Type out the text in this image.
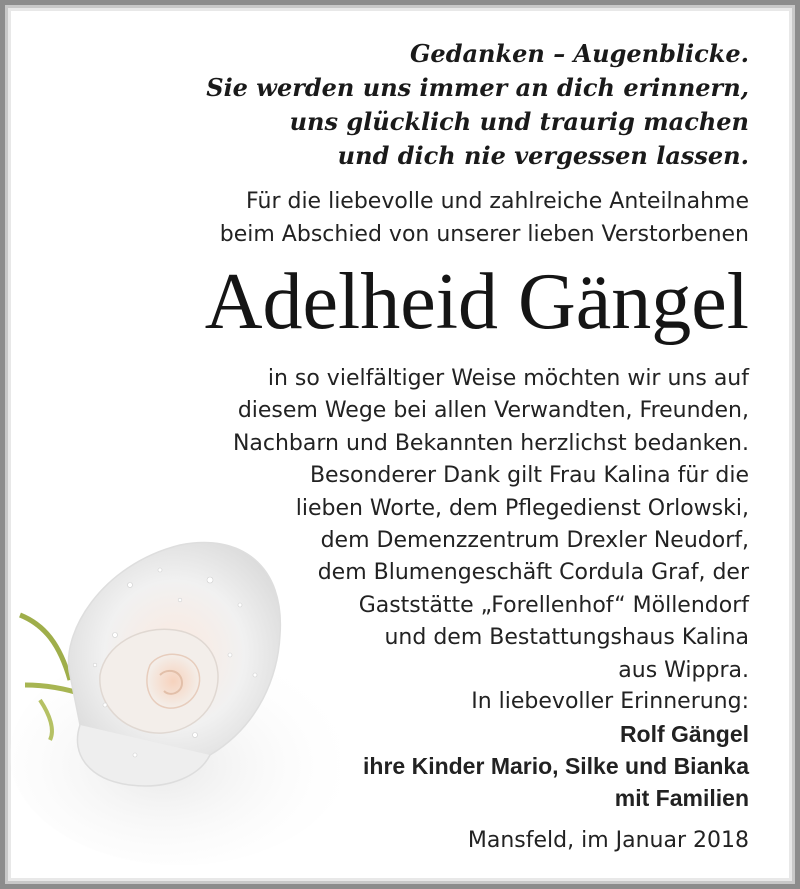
Gedanken – Augenblicke.
Sie werden uns immer an dich erinnern,
uns glücklich und traurig machen
und dich nie vergessen lassen.
Für die liebevolle und zahlreiche Anteilnahme
beim Abschied von unserer lieben Verstorbenen
Adelheid Gängel
in so vielfältiger Weise möchten wir uns auf
diesem Wege bei allen Verwandten, Freunden,
Nachbarn und Bekannten herzlichst bedanken.
Besonderer Dank gilt Frau Kalina für die
lieben Worte, dem Pflegedienst Orlowski,
dem Demenzzentrum Drexler Neudorf,
dem Blumengeschäft Cordula Graf, der
Gaststätte „Forellenhof“ Möllendorf
und dem Bestattungshaus Kalina
aus Wippra.
In liebevoller Erinnerung:
Rolf Gängel
ihre Kinder Mario, Silke und Bianka
mit Familien
Mansfeld, im Januar 2018
